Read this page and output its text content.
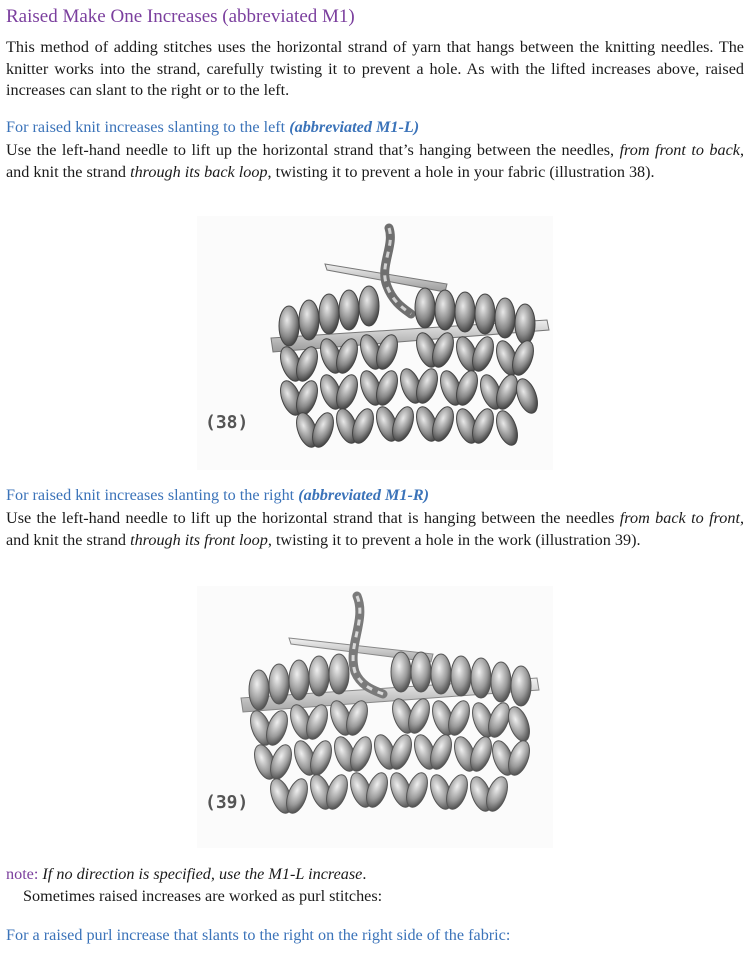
Raised Make One Increases (abbreviated M1)

This method of adding stitches uses the horizontal strand of yarn that hangs between the knitting needles. The knitter works into the strand, carefully twisting it to prevent a hole. As with the lifted increases above, raised increases can slant to the right or to the left.

For raised knit increases slanting to the left (abbreviated M1-L)

Use the left-hand needle to lift up the horizontal strand that’s hanging between the needles, from front to back, and knit the strand through its back loop, twisting it to prevent a hole in your fabric (illustration 38).

(38)

For raised knit increases slanting to the right (abbreviated M1-R)

Use the left-hand needle to lift up the horizontal strand that is hanging between the needles from back to front, and knit the strand through its front loop, twisting it to prevent a hole in the work (illustration 39).

(39)

note: If no direction is specified, use the M1-L increase.

Sometimes raised increases are worked as purl stitches:

For a raised purl increase that slants to the right on the right side of the fabric:
